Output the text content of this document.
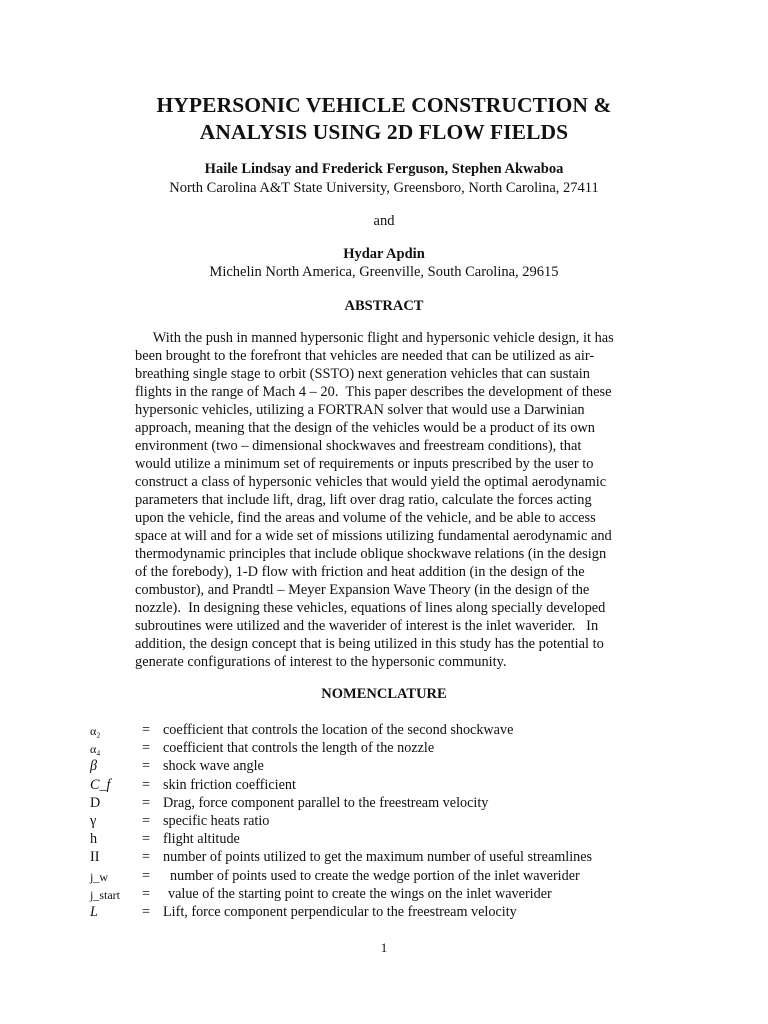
HYPERSONIC VEHICLE CONSTRUCTION &
ANALYSIS USING 2D FLOW FIELDS
Haile Lindsay and Frederick Ferguson, Stephen Akwaboa
North Carolina A&T State University, Greensboro, North Carolina, 27411
and
Hydar Apdin
Michelin North America, Greenville, South Carolina, 29615
ABSTRACT
With the push in manned hypersonic flight and hypersonic vehicle design, it has
been brought to the forefront that vehicles are needed that can be utilized as air-
breathing single stage to orbit (SSTO) next generation vehicles that can sustain
flights in the range of Mach 4 – 20.  This paper describes the development of these
hypersonic vehicles, utilizing a FORTRAN solver that would use a Darwinian
approach, meaning that the design of the vehicles would be a product of its own
environment (two – dimensional shockwaves and freestream conditions), that
would utilize a minimum set of requirements or inputs prescribed by the user to
construct a class of hypersonic vehicles that would yield the optimal aerodynamic
parameters that include lift, drag, lift over drag ratio, calculate the forces acting
upon the vehicle, find the areas and volume of the vehicle, and be able to access
space at will and for a wide set of missions utilizing fundamental aerodynamic and
thermodynamic principles that include oblique shockwave relations (in the design
of the forebody), 1-D flow with friction and heat addition (in the design of the
combustor), and Prandtl – Meyer Expansion Wave Theory (in the design of the
nozzle).  In designing these vehicles, equations of lines along specially developed
subroutines were utilized and the waverider of interest is the inlet waverider.   In
addition, the design concept that is being utilized in this study has the potential to
generate configurations of interest to the hypersonic community.
NOMENCLATURE
α₂	= coefficient that controls the location of the second shockwave
α₄	= coefficient that controls the length of the nozzle
β	= shock wave angle
C_f = skin friction coefficient
D	= Drag, force component parallel to the freestream velocity
γ	= specific heats ratio
h	= flight altitude
II	= number of points utilized to get the maximum number of useful streamlines
j_w = number of points used to create the wedge portion of the inlet waverider
j_start = value of the starting point to create the wings on the inlet waverider
L	= Lift, force component perpendicular to the freestream velocity
1
